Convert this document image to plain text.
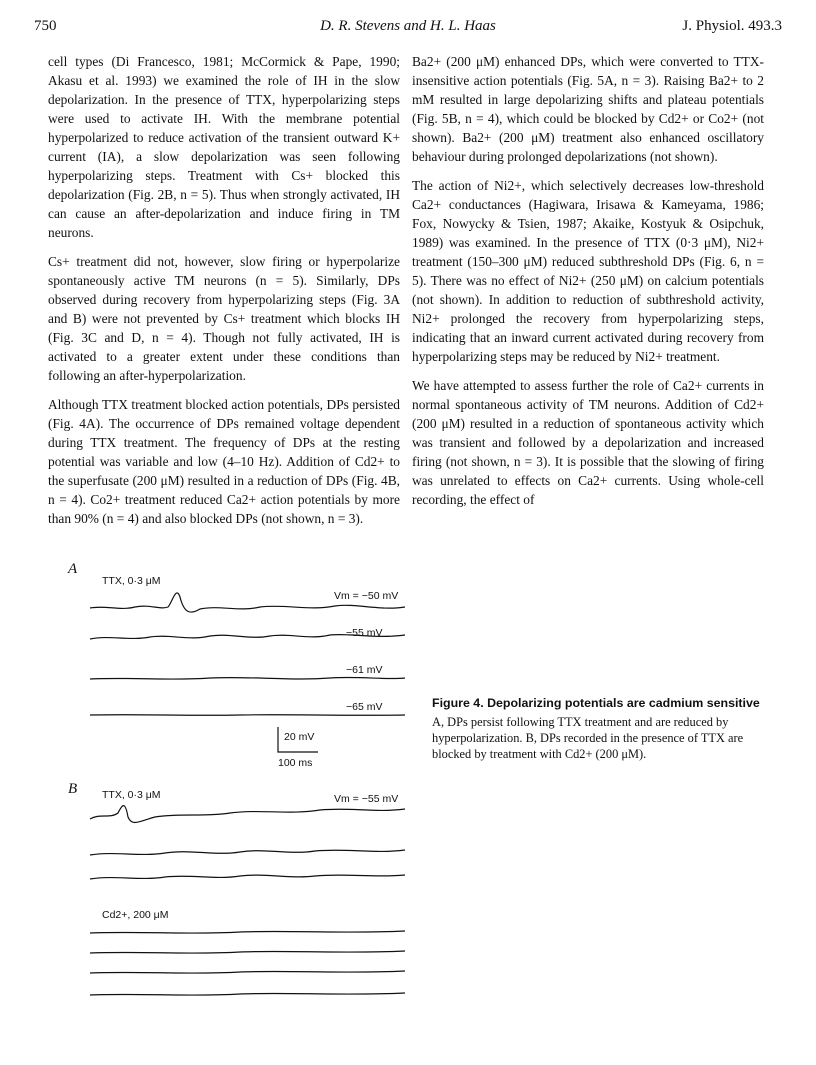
750	D. R. Stevens and H. L. Haas	J. Physiol. 493.3

cell types (Di Francesco, 1981; McCormick & Pape, 1990; Akasu et al. 1993) we examined the role of IH in the slow depolarization. In the presence of TTX, hyperpolarizing steps were used to activate IH. With the membrane potential hyperpolarized to reduce activation of the transient outward K+ current (IA), a slow depolarization was seen following hyperpolarizing steps. Treatment with Cs+ blocked this depolarization (Fig. 2B, n = 5). Thus when strongly activated, IH can cause an after-depolarization and induce firing in TM neurons.

Cs+ treatment did not, however, slow firing or hyperpolarize spontaneously active TM neurons (n = 5). Similarly, DPs observed during recovery from hyperpolarizing steps (Fig. 3A and B) were not prevented by Cs+ treatment which blocks IH (Fig. 3C and D, n = 4). Though not fully activated, IH is activated to a greater extent under these conditions than following an after-hyperpolarization.

Although TTX treatment blocked action potentials, DPs persisted (Fig. 4A). The occurrence of DPs remained voltage dependent during TTX treatment. The frequency of DPs at the resting potential was variable and low (4–10 Hz). Addition of Cd2+ to the superfusate (200 μM) resulted in a reduction of DPs (Fig. 4B, n = 4). Co2+ treatment reduced Ca2+ action potentials by more than 90% (n = 4) and also blocked DPs (not shown, n = 3).

Ba2+ (200 μM) enhanced DPs, which were converted to TTX-insensitive action potentials (Fig. 5A, n = 3). Raising Ba2+ to 2 mM resulted in large depolarizing shifts and plateau potentials (Fig. 5B, n = 4), which could be blocked by Cd2+ or Co2+ (not shown). Ba2+ (200 μM) treatment also enhanced oscillatory behaviour during prolonged depolarizations (not shown).

The action of Ni2+, which selectively decreases low-threshold Ca2+ conductances (Hagiwara, Irisawa & Kameyama, 1986; Fox, Nowycky & Tsien, 1987; Akaike, Kostyuk & Osipchuk, 1989) was examined. In the presence of TTX (0·3 μM), Ni2+ treatment (150–300 μM) reduced subthreshold DPs (Fig. 6, n = 5). There was no effect of Ni2+ (250 μM) on calcium potentials (not shown). In addition to reduction of subthreshold activity, Ni2+ prolonged the recovery from hyperpolarizing steps, indicating that an inward current activated during recovery from hyperpolarizing steps may be reduced by Ni2+ treatment.

We have attempted to assess further the role of Ca2+ currents in normal spontaneous activity of TM neurons. Addition of Cd2+ (200 μM) resulted in a reduction of spontaneous activity which was transient and followed by a depolarization and increased firing (not shown, n = 3). It is possible that the slowing of firing was unrelated to effects on Ca2+ currents. Using whole-cell recording, the effect of

A
TTX, 0·3 μM
Vm = −50 mV
−55 mV
−61 mV
−65 mV
20 mV
100 ms
B TTX, 0·3 μM	Vm = −55 mV
Cd2+, 200 μM
Figure 4. Depolarizing potentials are cadmium sensitive
A, DPs persist following TTX treatment and are reduced by hyperpolarization. B, DPs recorded in the presence of TTX are blocked by treatment with Cd2+ (200 μM).
